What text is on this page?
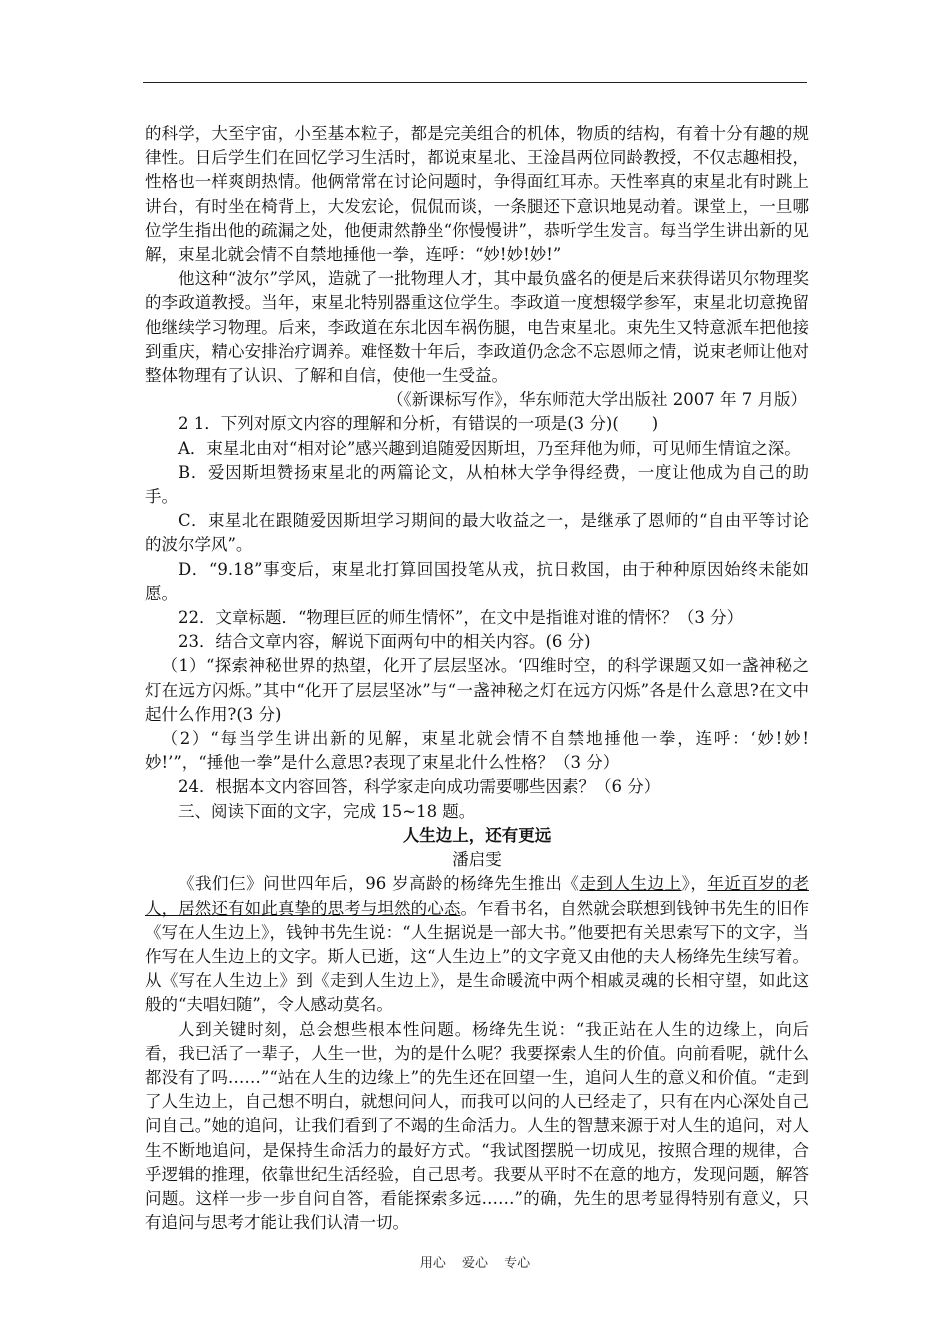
的科学，大至宇宙，小至基本粒子，都是完美组合的机体，物质的结构，有着十分有趣的规律性。日后学生们在回忆学习生活时，都说束星北、王淦昌两位同龄教授，不仅志趣相投，性格也一样爽朗热情。他俩常常在讨论问题时，争得面红耳赤。天性率真的束星北有时跳上讲台，有时坐在椅背上，大发宏论，侃侃而谈，一条腿还下意识地晃动着。课堂上，一旦哪位学生指出他的疏漏之处，他便肃然静坐“你慢慢讲”，恭听学生发言。每当学生讲出新的见解，束星北就会情不自禁地捶他一拳，连呼：“妙!妙!妙!”

他这种“波尔”学风，造就了一批物理人才，其中最负盛名的便是后来获得诺贝尔物理奖的李政道教授。当年，束星北特别器重这位学生。李政道一度想辍学参军，束星北切意挽留他继续学习物理。后来，李政道在东北因车祸伤腿，电告束星北。束先生又特意派车把他接到重庆，精心安排治疗调养。难怪数十年后，李政道仍念念不忘恩师之情，说束老师让他对整体物理有了认识、了解和自信，使他一生受益。

（《新课标写作》，华东师范大学出版社 2007 年 7 月版）

2 1．下列对原文内容的理解和分析，有错误的一项是(3 分)(　　)

A．束星北由对“相对论”感兴趣到追随爱因斯坦，乃至拜他为师，可见师生情谊之深。

B．爱因斯坦赞扬束星北的两篇论文，从柏林大学争得经费，一度让他成为自己的助手。

C．束星北在跟随爱因斯坦学习期间的最大收益之一，是继承了恩师的“自由平等讨论的波尔学风”。

D．“9.18”事变后，束星北打算回国投笔从戎，抗日救国，由于种种原因始终未能如愿。

22．文章标题．“物理巨匠的师生情怀”，在文中是指谁对谁的情怀？（3 分）

23．结合文章内容，解说下面两句中的相关内容。(6 分)

（1）“探索神秘世界的热望，化开了层层坚冰。‘四维时空，的科学课题又如一盏神秘之灯在远方闪烁。”其中“化开了层层坚冰”与“一盏神秘之灯在远方闪烁”各是什么意思?在文中起什么作用?(3 分)

（2）“每当学生讲出新的见解，束星北就会情不自禁地捶他一拳，连呼：‘妙!妙!妙!’”，“捶他一拳”是什么意思?表现了束星北什么性格？（3 分）

24．根据本文内容回答，科学家走向成功需要哪些因素？（6 分）

三、阅读下面的文字，完成 15~18 题。

人生边上，还有更远

潘启雯

《我们仨》问世四年后，96 岁高龄的杨绛先生推出《走到人生边上》，年近百岁的老人，居然还有如此真挚的思考与坦然的心态。乍看书名，自然就会联想到钱钟书先生的旧作《写在人生边上》，钱钟书先生说：“人生据说是一部大书。”他要把有关思索写下的文字，当作写在人生边上的文字。斯人已逝，这“人生边上”的文字竟又由他的夫人杨绛先生续写着。从《写在人生边上》到《走到人生边上》，是生命暖流中两个相戚灵魂的长相守望，如此这般的“夫唱妇随”，令人感动莫名。

人到关键时刻，总会想些根本性问题。杨绛先生说：“我正站在人生的边缘上，向后看，我已活了一辈子，人生一世，为的是什么呢？我要探索人生的价值。向前看呢，就什么都没有了吗……”“站在人生的边缘上”的先生还在回望一生，追问人生的意义和价值。“走到了人生边上，自己想不明白，就想问问人，而我可以问的人已经走了，只有在内心深处自己问自己。”她的追问，让我们看到了不竭的生命活力。人生的智慧来源于对人生的追问，对人生不断地追问，是保持生命活力的最好方式。“我试图摆脱一切成见，按照合理的规律，合乎逻辑的推理，依靠世纪生活经验，自己思考。我要从平时不在意的地方，发现问题，解答问题。这样一步一步自问自答，看能探索多远……”的确，先生的思考显得特别有意义，只有追问与思考才能让我们认清一切。

用心 爱心 专心
